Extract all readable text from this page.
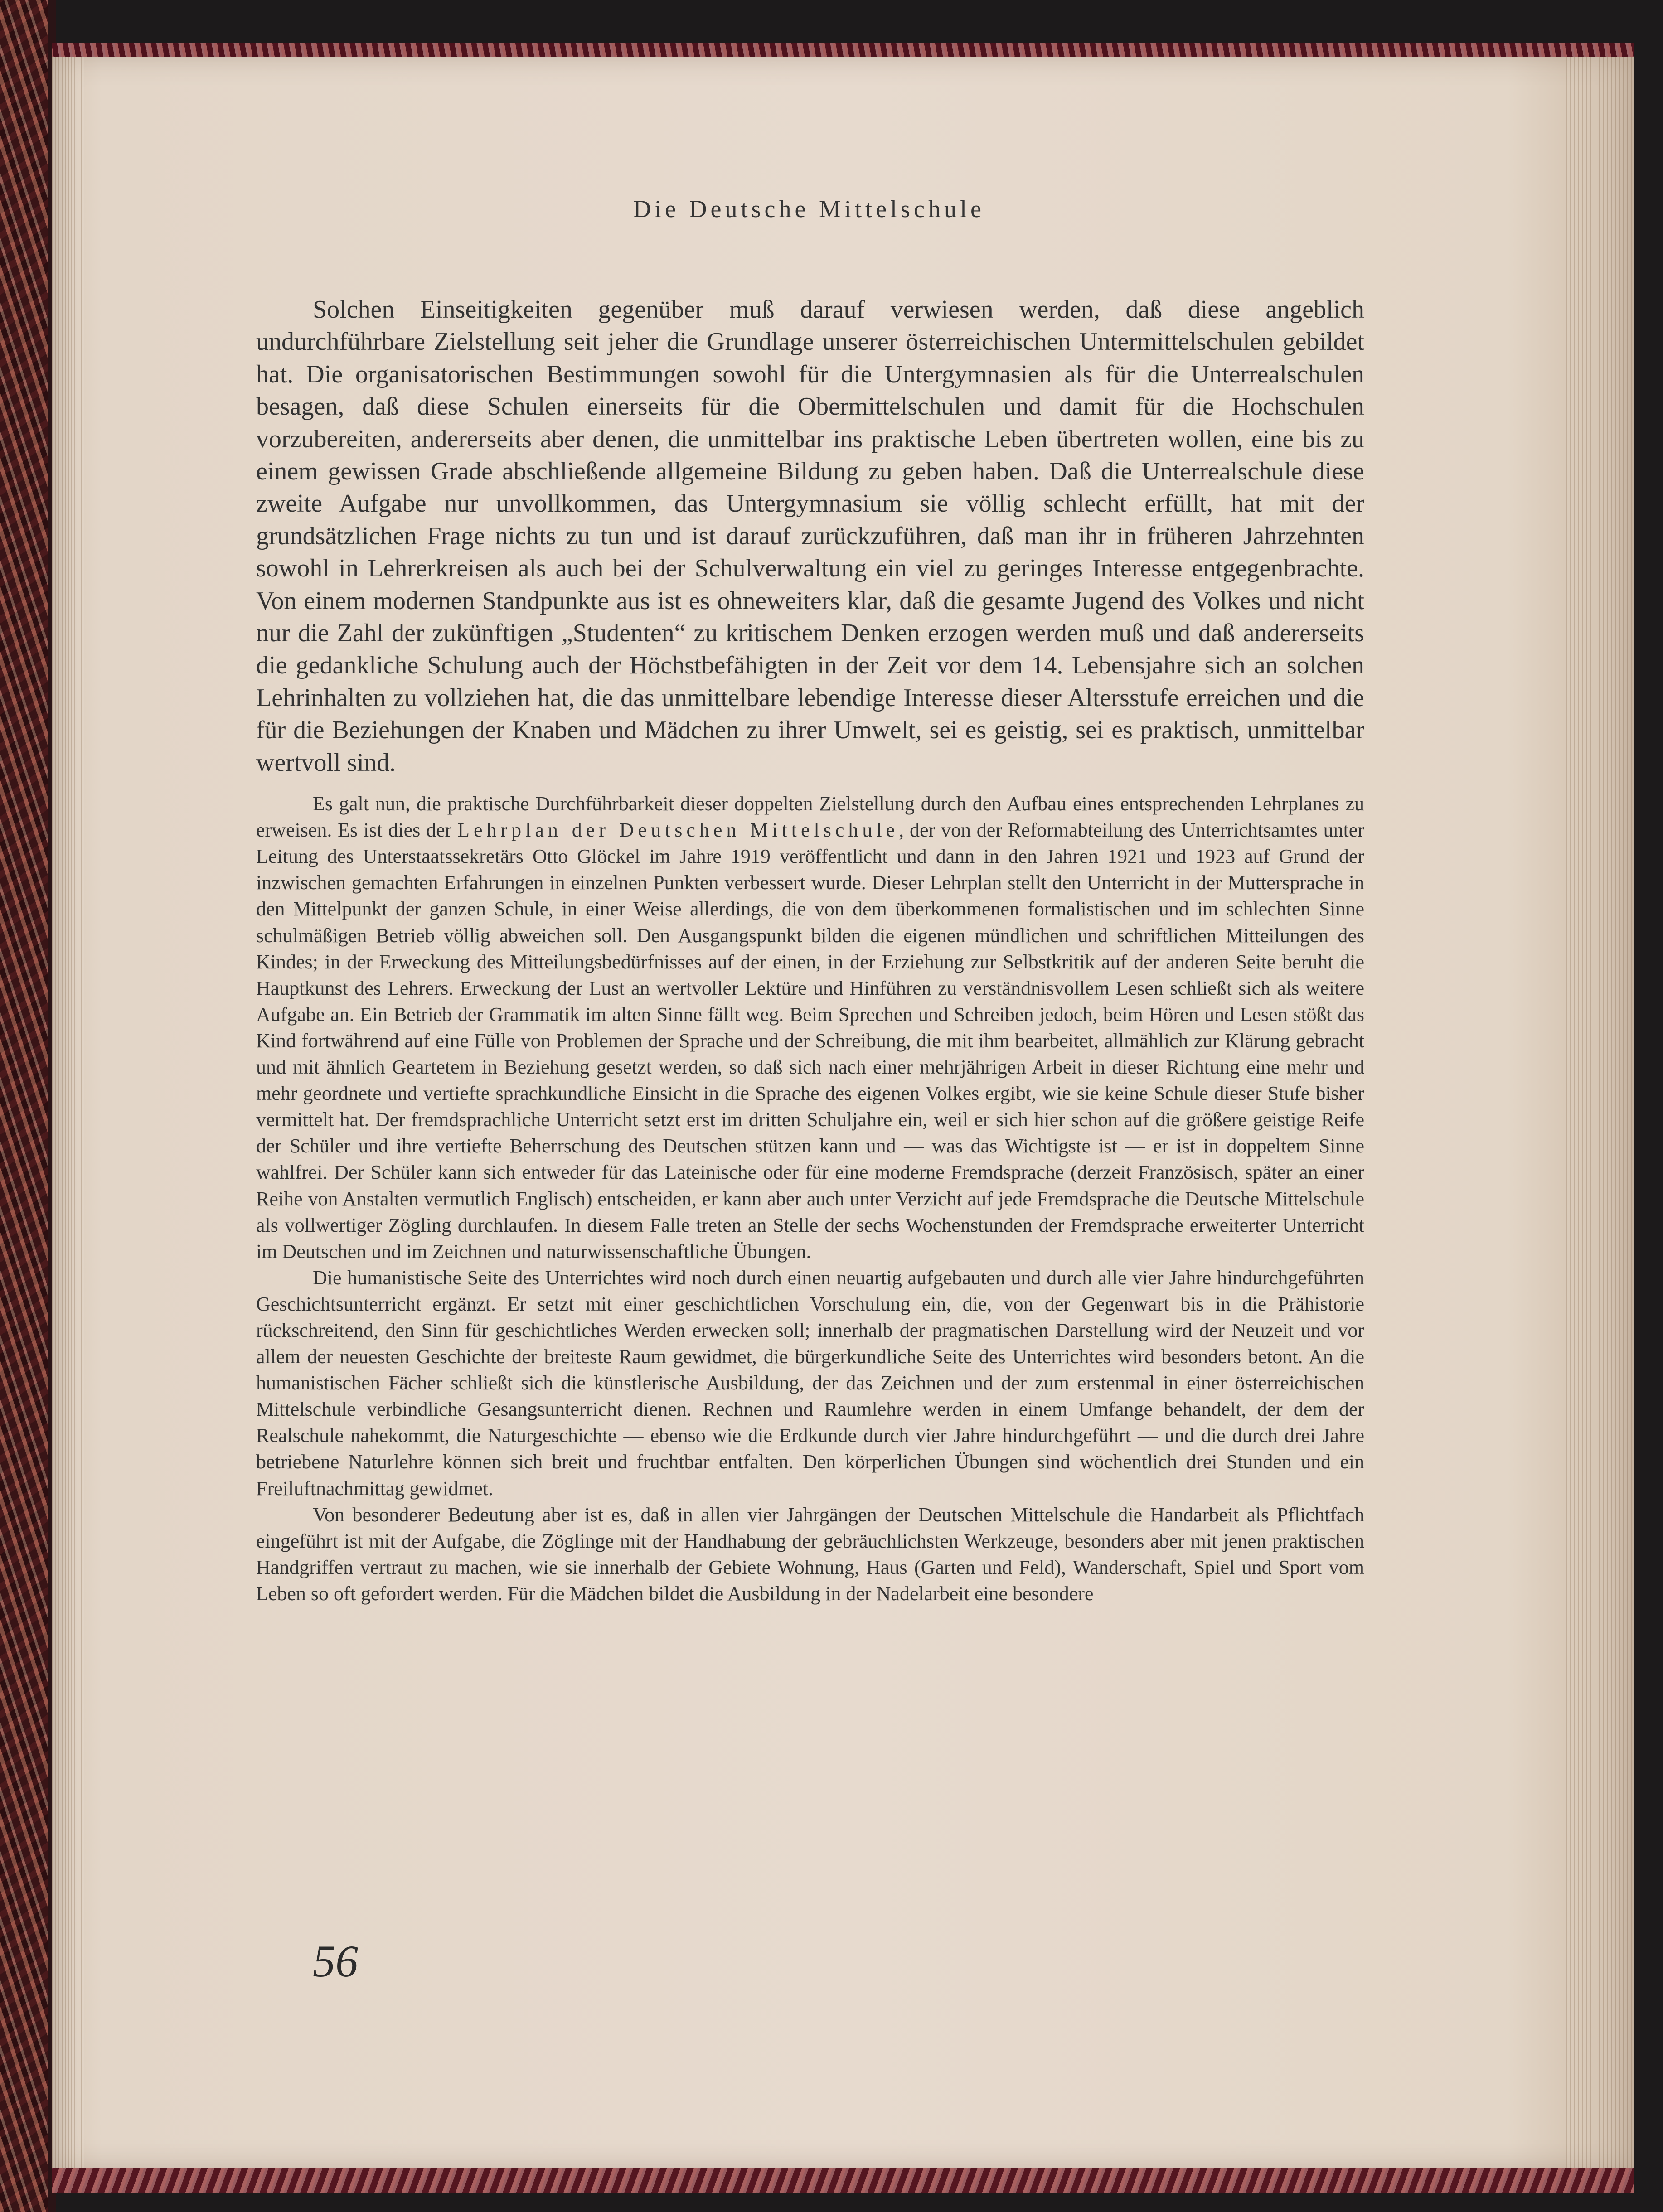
Die Deutsche Mittelschule

Solchen Einseitigkeiten gegenüber muß darauf verwiesen werden, daß diese angeblich undurchführbare Zielstellung seit jeher die Grundlage unserer österreichischen Untermittelschulen gebildet hat. Die organisatorischen Bestimmungen sowohl für die Untergymnasien als für die Unterrealschulen besagen, daß diese Schulen einerseits für die Obermittelschulen und damit für die Hochschulen vorzubereiten, andererseits aber denen, die unmittelbar ins praktische Leben übertreten wollen, eine bis zu einem gewissen Grade abschließende allgemeine Bildung zu geben haben. Daß die Unterrealschule diese zweite Aufgabe nur unvollkommen, das Untergymnasium sie völlig schlecht erfüllt, hat mit der grundsätzlichen Frage nichts zu tun und ist darauf zurückzuführen, daß man ihr in früheren Jahrzehnten sowohl in Lehrerkreisen als auch bei der Schulverwaltung ein viel zu geringes Interesse entgegenbrachte. Von einem modernen Standpunkte aus ist es ohneweiters klar, daß die gesamte Jugend des Volkes und nicht nur die Zahl der zukünftigen „Studenten“ zu kritischem Denken erzogen werden muß und daß andererseits die gedankliche Schulung auch der Höchstbefähigten in der Zeit vor dem 14. Lebensjahre sich an solchen Lehrinhalten zu vollziehen hat, die das unmittelbare lebendige Interesse dieser Altersstufe erreichen und die für die Beziehungen der Knaben und Mädchen zu ihrer Umwelt, sei es geistig, sei es praktisch, unmittelbar wertvoll sind.

Es galt nun, die praktische Durchführbarkeit dieser doppelten Zielstellung durch den Aufbau eines entsprechenden Lehrplanes zu erweisen. Es ist dies der Lehrplan der Deutschen Mittelschule, der von der Reformabteilung des Unterrichtsamtes unter Leitung des Unterstaatssekretärs Otto Glöckel im Jahre 1919 veröffentlicht und dann in den Jahren 1921 und 1923 auf Grund der inzwischen gemachten Erfahrungen in einzelnen Punkten verbessert wurde. Dieser Lehrplan stellt den Unterricht in der Muttersprache in den Mittelpunkt der ganzen Schule, in einer Weise allerdings, die von dem überkommenen formalistischen und im schlechten Sinne schulmäßigen Betrieb völlig abweichen soll. Den Ausgangspunkt bilden die eigenen mündlichen und schriftlichen Mitteilungen des Kindes; in der Erweckung des Mitteilungsbedürfnisses auf der einen, in der Erziehung zur Selbstkritik auf der anderen Seite beruht die Hauptkunst des Lehrers. Erweckung der Lust an wertvoller Lektüre und Hinführen zu verständnisvollem Lesen schließt sich als weitere Aufgabe an. Ein Betrieb der Grammatik im alten Sinne fällt weg. Beim Sprechen und Schreiben jedoch, beim Hören und Lesen stößt das Kind fortwährend auf eine Fülle von Problemen der Sprache und der Schreibung, die mit ihm bearbeitet, allmählich zur Klärung gebracht und mit ähnlich Geartetem in Beziehung gesetzt werden, so daß sich nach einer mehrjährigen Arbeit in dieser Richtung eine mehr und mehr geordnete und vertiefte sprachkundliche Einsicht in die Sprache des eigenen Volkes ergibt, wie sie keine Schule dieser Stufe bisher vermittelt hat. Der fremdsprachliche Unterricht setzt erst im dritten Schuljahre ein, weil er sich hier schon auf die größere geistige Reife der Schüler und ihre vertiefte Beherrschung des Deutschen stützen kann und — was das Wichtigste ist — er ist in doppeltem Sinne wahlfrei. Der Schüler kann sich entweder für das Lateinische oder für eine moderne Fremdsprache (derzeit Französisch, später an einer Reihe von Anstalten vermutlich Englisch) entscheiden, er kann aber auch unter Verzicht auf jede Fremdsprache die Deutsche Mittelschule als vollwertiger Zögling durchlaufen. In diesem Falle treten an Stelle der sechs Wochenstunden der Fremdsprache erweiterter Unterricht im Deutschen und im Zeichnen und naturwissenschaftliche Übungen.

Die humanistische Seite des Unterrichtes wird noch durch einen neuartig aufgebauten und durch alle vier Jahre hindurchgeführten Geschichtsunterricht ergänzt. Er setzt mit einer geschichtlichen Vorschulung ein, die, von der Gegenwart bis in die Prähistorie rückschreitend, den Sinn für geschichtliches Werden erwecken soll; innerhalb der pragmatischen Darstellung wird der Neuzeit und vor allem der neuesten Geschichte der breiteste Raum gewidmet, die bürgerkundliche Seite des Unterrichtes wird besonders betont. An die humanistischen Fächer schließt sich die künstlerische Ausbildung, der das Zeichnen und der zum erstenmal in einer österreichischen Mittelschule verbindliche Gesangsunterricht dienen. Rechnen und Raumlehre werden in einem Umfange behandelt, der dem der Realschule nahekommt, die Naturgeschichte — ebenso wie die Erdkunde durch vier Jahre hindurchgeführt — und die durch drei Jahre betriebene Naturlehre können sich breit und fruchtbar entfalten. Den körperlichen Übungen sind wöchentlich drei Stunden und ein Freiluftnachmittag gewidmet.

Von besonderer Bedeutung aber ist es, daß in allen vier Jahrgängen der Deutschen Mittelschule die Handarbeit als Pflichtfach eingeführt ist mit der Aufgabe, die Zöglinge mit der Handhabung der gebräuchlichsten Werkzeuge, besonders aber mit jenen praktischen Handgriffen vertraut zu machen, wie sie innerhalb der Gebiete Wohnung, Haus (Garten und Feld), Wanderschaft, Spiel und Sport vom Leben so oft gefordert werden. Für die Mädchen bildet die Ausbildung in der Nadelarbeit eine besondere

56
